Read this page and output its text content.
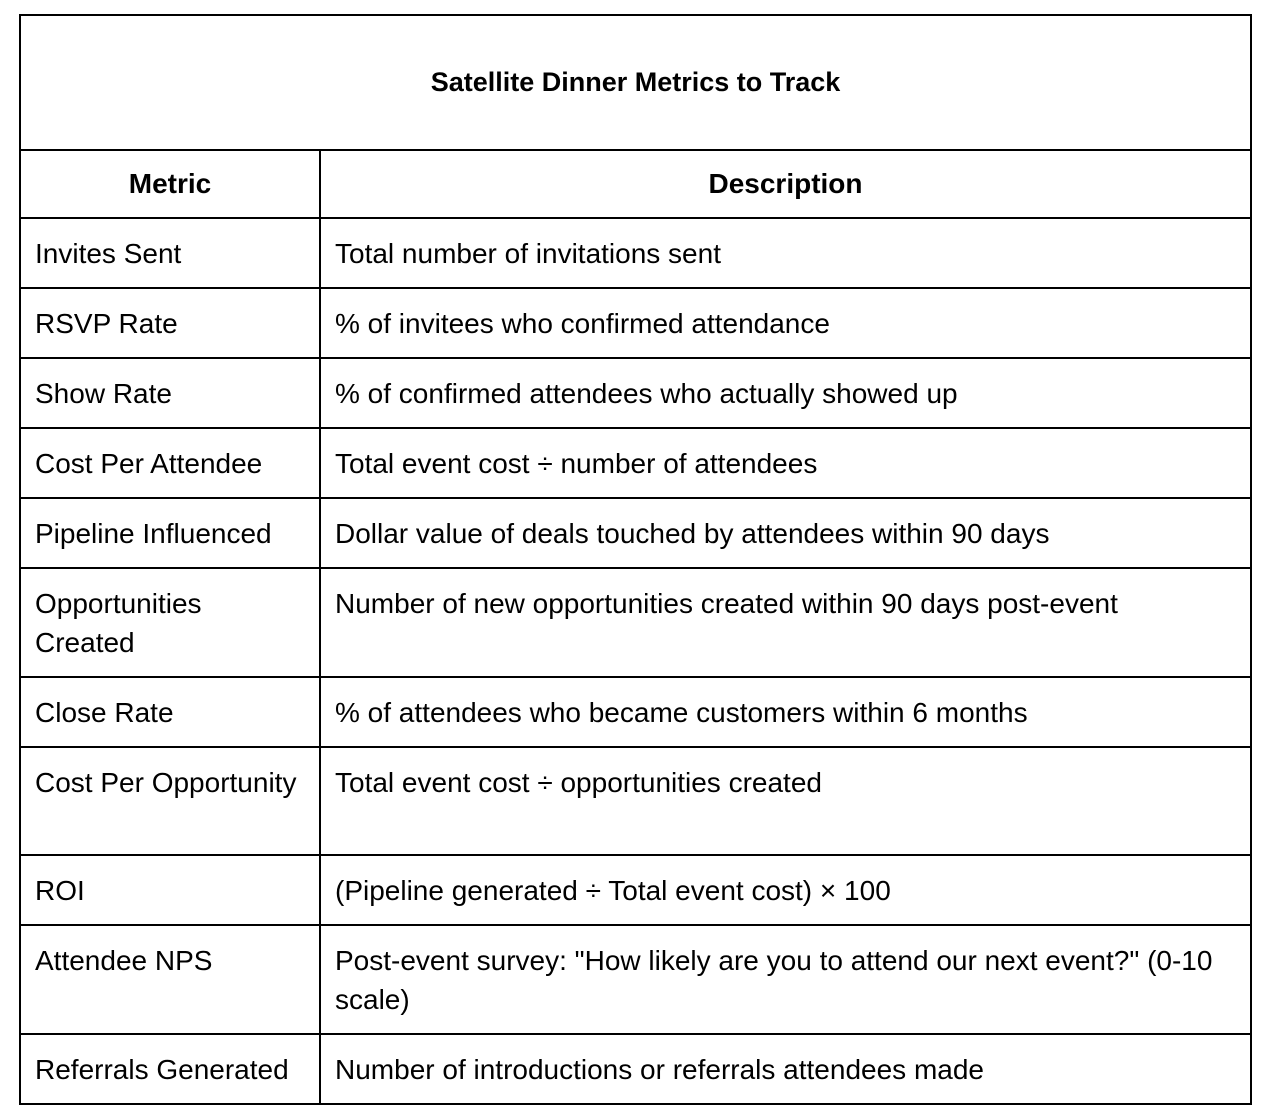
Satellite Dinner Metrics to Track	
Metric	Description
Invites Sent	Total number of invitations sent
RSVP Rate	% of invitees who confirmed attendance
Show Rate	% of confirmed attendees who actually showed up
Cost Per Attendee	Total event cost ÷ number of attendees
Pipeline Influenced	Dollar value of deals touched by attendees within 90 days
Opportunities Created	Number of new opportunities created within 90 days post-event
Close Rate	% of attendees who became customers within 6 months
Cost Per Opportunity	Total event cost ÷ opportunities created
ROI	(Pipeline generated ÷ Total event cost) × 100
Attendee NPS	Post-event survey: "How likely are you to attend our next event?" (0-10 scale)
Referrals Generated	Number of introductions or referrals attendees made
